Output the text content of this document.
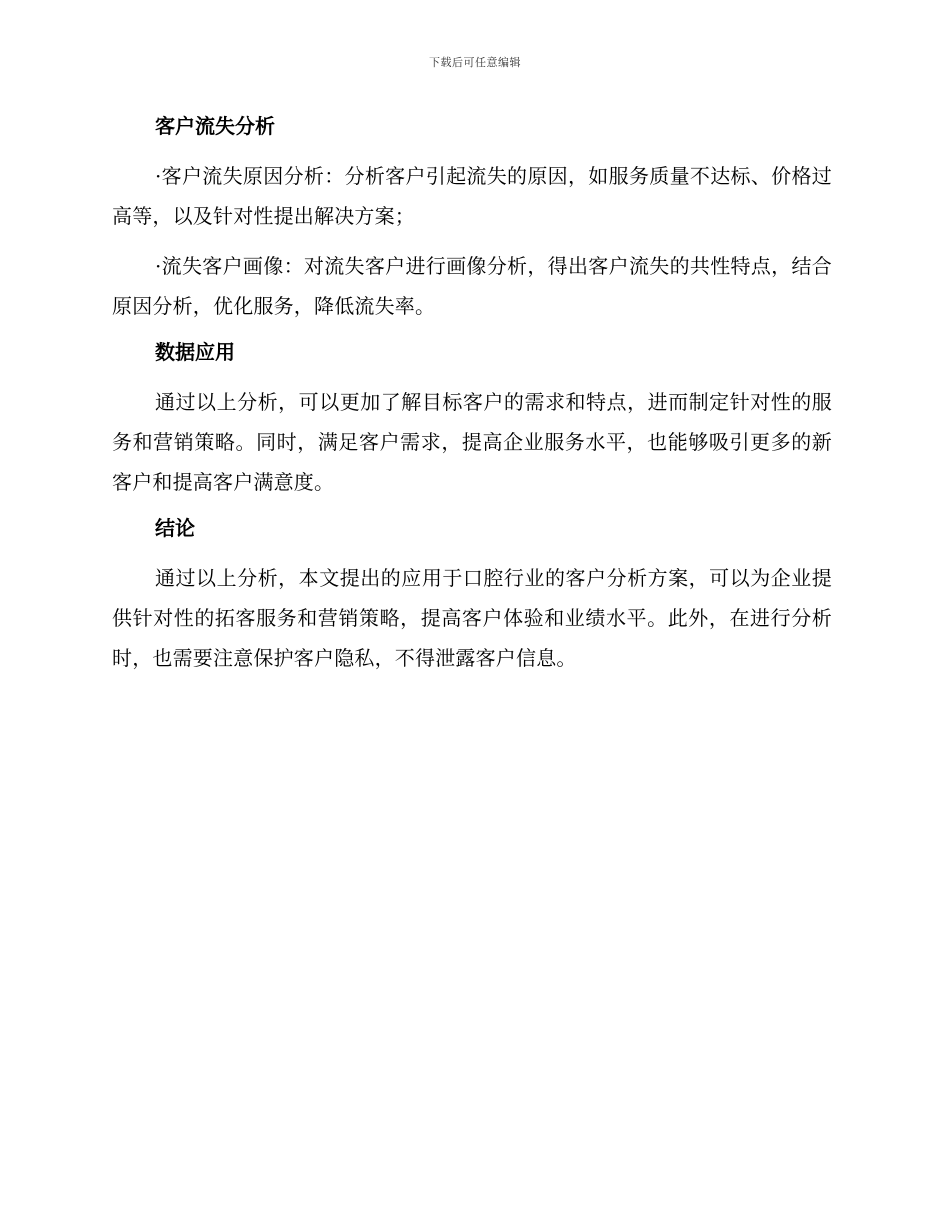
下载后可任意编辑
客户流失分析

·客户流失原因分析：分析客户引起流失的原因，如服务质量不达标、价格过高等，以及针对性提出解决方案；

·流失客户画像：对流失客户进行画像分析，得出客户流失的共性特点，结合原因分析，优化服务，降低流失率。

数据应用

通过以上分析，可以更加了解目标客户的需求和特点，进而制定针对性的服务和营销策略。同时，满足客户需求，提高企业服务水平，也能够吸引更多的新客户和提高客户满意度。

结论

通过以上分析，本文提出的应用于口腔行业的客户分析方案，可以为企业提供针对性的拓客服务和营销策略，提高客户体验和业绩水平。此外，在进行分析时，也需要注意保护客户隐私，不得泄露客户信息。
